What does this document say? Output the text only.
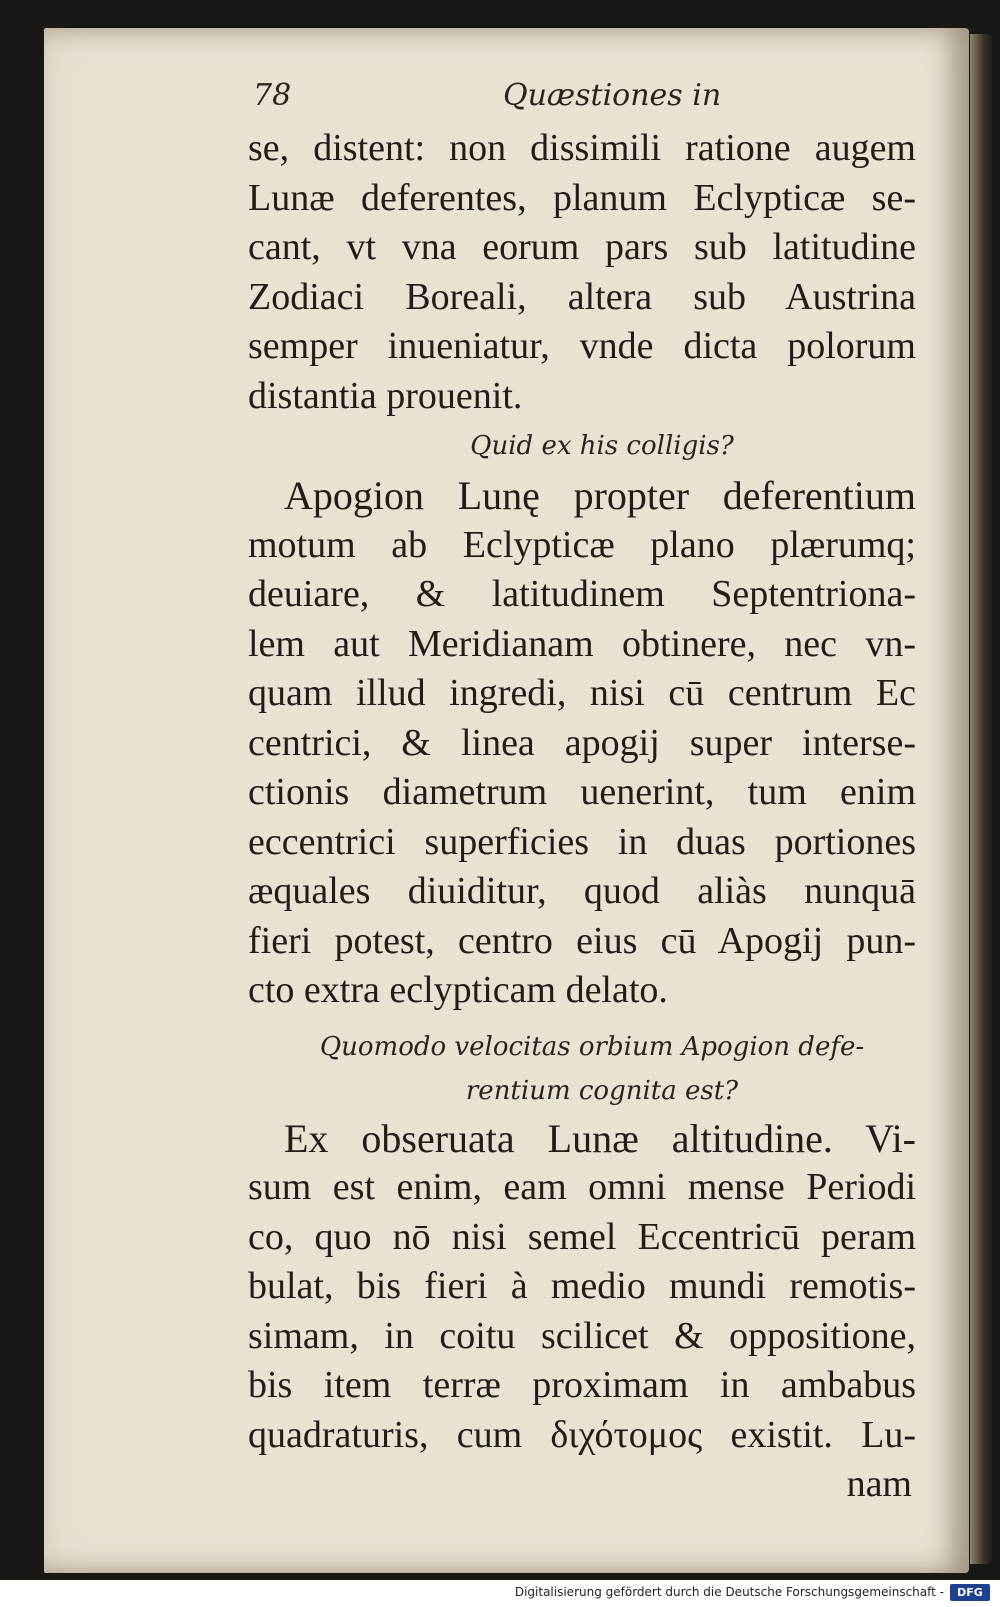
78	Quæstiones in
se, distent: non dissimili ratione augem
Lunæ deferentes, planum Eclypticæ se-
cant, vt vna eorum pars sub latitudine
Zodiaci Boreali, altera sub Austrina
semper inueniatur, vnde dicta polorum
distantia prouenit.
Quid ex his colligis?
Apogion Lunę propter deferentium
motum ab Eclypticæ plano plærumq;
deuiare, & latitudinem Septentriona-
lem aut Meridianam obtinere, nec vn-
quam illud ingredi, nisi cū centrum Ec
centrici, & linea apogij super interse-
ctionis diametrum uenerint, tum enim
eccentrici superficies in duas portiones
æquales diuiditur, quod aliàs nunquā
fieri potest, centro eius cū Apogij pun-
cto extra eclypticam delato.
Quomodo velocitas orbium Apogion defe-
rentium cognita est?
Ex obseruata Lunæ altitudine. Vi-
sum est enim, eam omni mense Periodi
co, quo nō nisi semel Eccentricū peram
bulat, bis fieri à medio mundi remotis-
simam, in coitu scilicet & oppositione,
bis item terræ proximam in ambabus
quadraturis, cum διχότομος existit. Lu-
nam
Digitalisierung gefördert durch die Deutsche Forschungsgemeinschaft -	DFG
